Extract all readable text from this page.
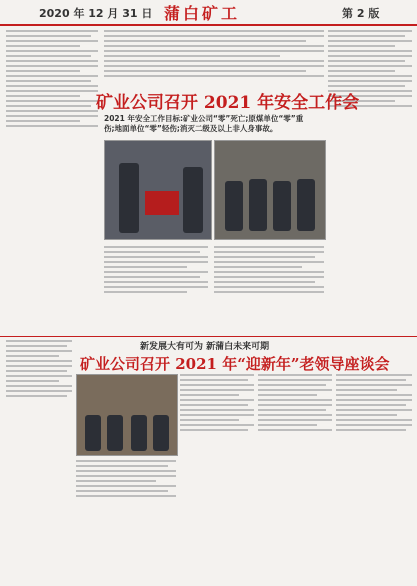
2020 年 12 月 31 日 蒲白矿工	第 2 版
矿业公司召开 2021 年安全工作会
2021 年安全工作目标:矿业公司“零”死亡;原煤单位“零”重
伤;地面单位“零”轻伤;消灭二级及以上非人身事故。
新发展大有可为 新蒲白未来可期
矿业公司召开 2021 年“迎新年”老领导座谈会
